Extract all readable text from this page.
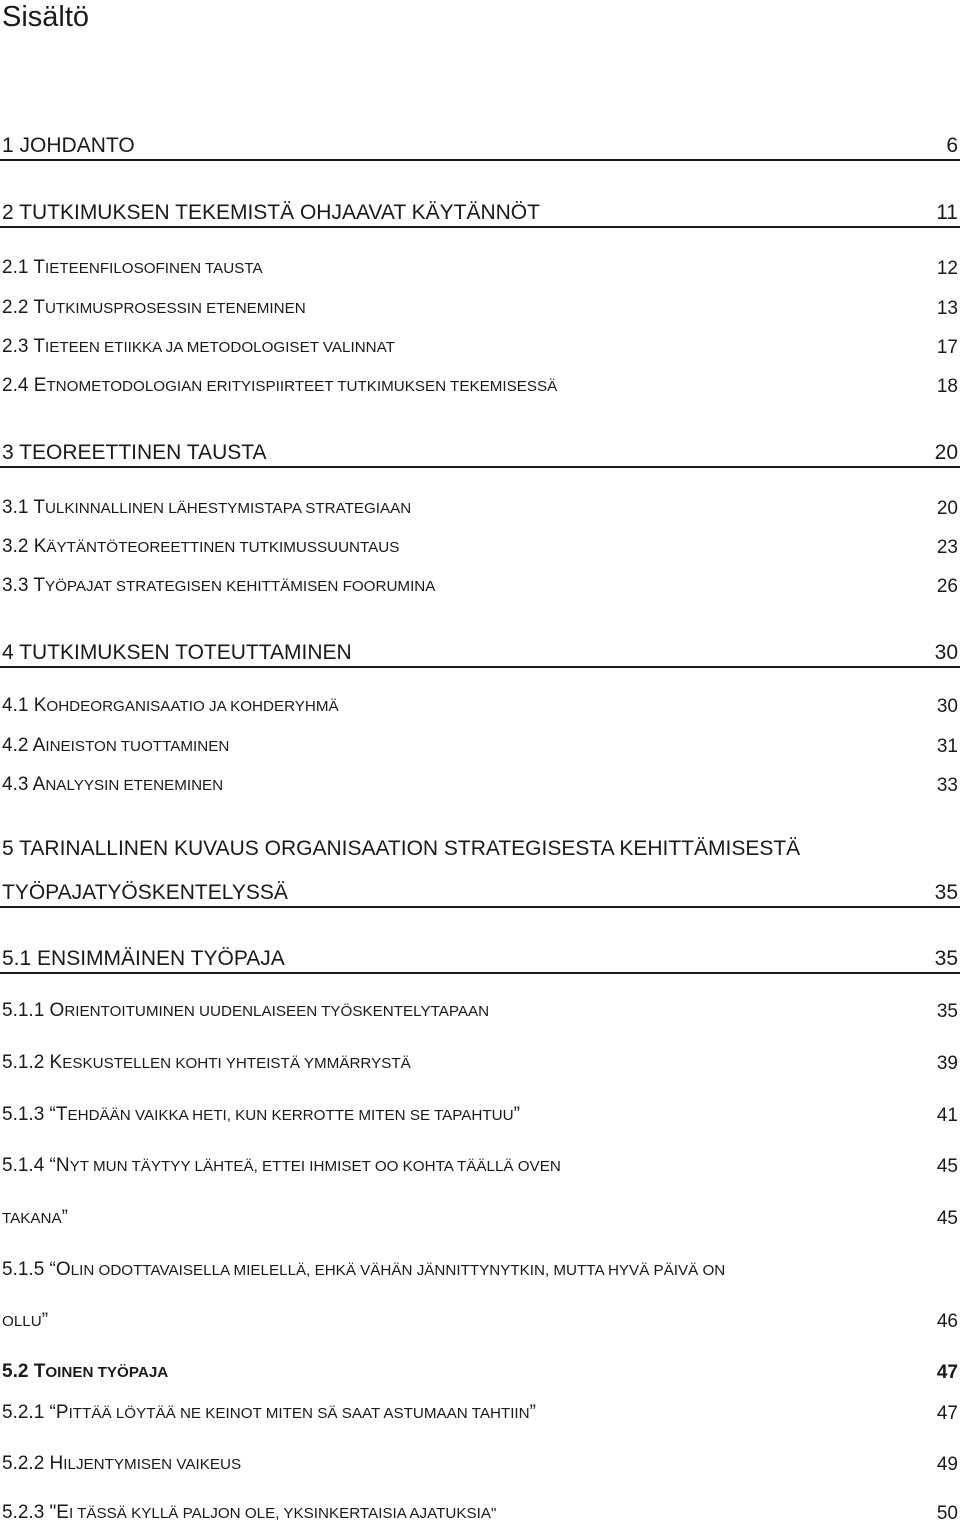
Sisältö
1 JOHDANTO	6
2 TUTKIMUKSEN TEKEMISTÄ OHJAAVAT KÄYTÄNNÖT	11
2.1 TIETEENFILOSOFINEN TAUSTA	12
2.2 TUTKIMUSPROSESSIN ETENEMINEN	13
2.3 TIETEEN ETIIKKA JA METODOLOGISET VALINNAT	17
2.4 ETNOMETODOLOGIAN ERITYISPIIRTEET TUTKIMUKSEN TEKEMISESSÄ	18
3 TEOREETTINEN TAUSTA	20
3.1 TULKINNALLINEN LÄHESTYMISTAPA STRATEGIAAN	20
3.2 KÄYTÄNTÖTEOREETTINEN TUTKIMUSSUUNTAUS	23
3.3 TYÖPAJAT STRATEGISEN KEHITTÄMISEN FOORUMINA	26
4 TUTKIMUKSEN TOTEUTTAMINEN	30
4.1 KOHDEORGANISAATIO JA KOHDERYHMÄ	30
4.2 AINEISTON TUOTTAMINEN	31
4.3 ANALYYSIN ETENEMINEN	33
5 TARINALLINEN KUVAUS ORGANISAATION STRATEGISESTA KEHITTÄMISESTÄ
TYÖPAJATYÖSKENTELYSSÄ	35
5.1 ENSIMMÄINEN TYÖPAJA	35
5.1.1 ORIENTOITUMINEN UUDENLAISEEN TYÖSKENTELYTAPAAN	35
5.1.2 KESKUSTELLEN KOHTI YHTEISTÄ YMMÄRRYSTÄ	39
5.1.3 “TEHDÄÄN VAIKKA HETI, KUN KERROTTE MITEN SE TAPAHTUU”	41
5.1.4 “NYT MUN TÄYTYY LÄHTEÄ, ETTEI IHMISET OO KOHTA TÄÄLLÄ OVEN	45
TAKANA”	45
5.1.5 “OLIN ODOTTAVAISELLA MIELELLÄ, EHKÄ VÄHÄN JÄNNITTYNYTKIN, MUTTA HYVÄ PÄIVÄ ON
OLLU”	46
5.2 TOINEN TYÖPAJA	47
5.2.1 “PITTÄÄ LÖYTÄÄ NE KEINOT MITEN SÄ SAAT ASTUMAAN TAHTIIN”	47
5.2.2 HILJENTYMISEN VAIKEUS	49
5.2.3 "EI TÄSSÄ KYLLÄ PALJON OLE, YKSINKERTAISIA AJATUKSIA"	50
